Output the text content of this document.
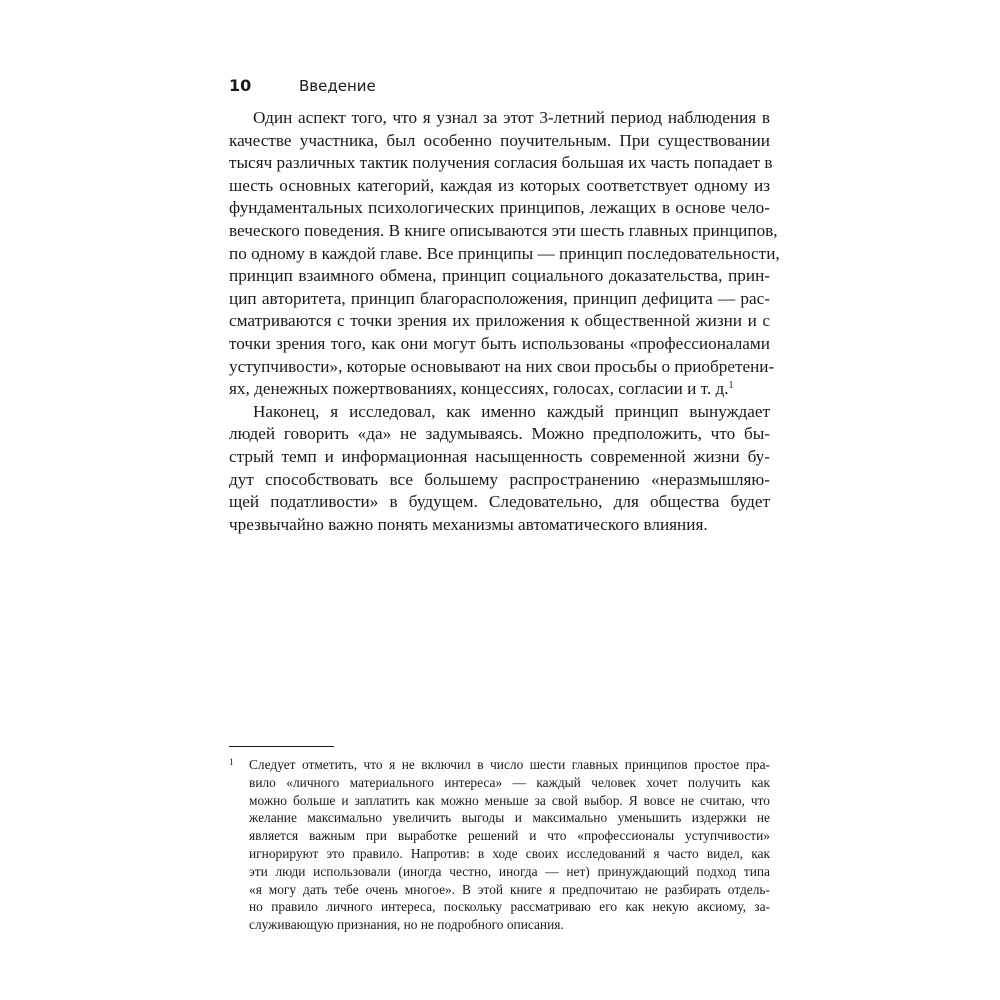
10	Введение
Один аспект того, что я узнал за этот 3-летний период наблюдения в
качестве участника, был особенно поучительным. При существовании
тысяч различных тактик получения согласия большая их часть попадает в
шесть основных категорий, каждая из которых соответствует одному из
фундаментальных психологических принципов, лежащих в основе чело-
веческого поведения. В книге описываются эти шесть главных принципов,
по одному в каждой главе. Все принципы — принцип последовательности,
принцип взаимного обмена, принцип социального доказательства, прин-
цип авторитета, принцип благорасположения, принцип дефицита — рас-
сматриваются с точки зрения их приложения к общественной жизни и с
точки зрения того, как они могут быть использованы «профессионалами
уступчивости», которые основывают на них свои просьбы о приобретени-
ях, денежных пожертвованиях, концессиях, голосах, согласии и т. д.$^1$
Наконец, я исследовал, как именно каждый принцип вынуждает
людей говорить «да» не задумываясь. Можно предположить, что бы-
стрый темп и информационная насыщенность современной жизни бу-
дут способствовать все большему распространению «неразмышляю-
щей податливости» в будущем. Следовательно, для общества будет
чрезвычайно важно понять механизмы автоматического влияния.
1	Следует отметить, что я не включил в число шести главных принципов простое пра-
вило «личного материального интереса» — каждый человек хочет получить как
можно больше и заплатить как можно меньше за свой выбор. Я вовсе не считаю, что
желание максимально увеличить выгоды и максимально уменьшить издержки не
является важным при выработке решений и что «профессионалы уступчивости»
игнорируют это правило. Напротив: в ходе своих исследований я часто видел, как
эти люди использовали (иногда честно, иногда — нет) принуждающий подход типа
«я могу дать тебе очень многое». В этой книге я предпочитаю не разбирать отдель-
но правило личного интереса, поскольку рассматриваю его как некую аксиому, за-
служивающую признания, но не подробного описания.
